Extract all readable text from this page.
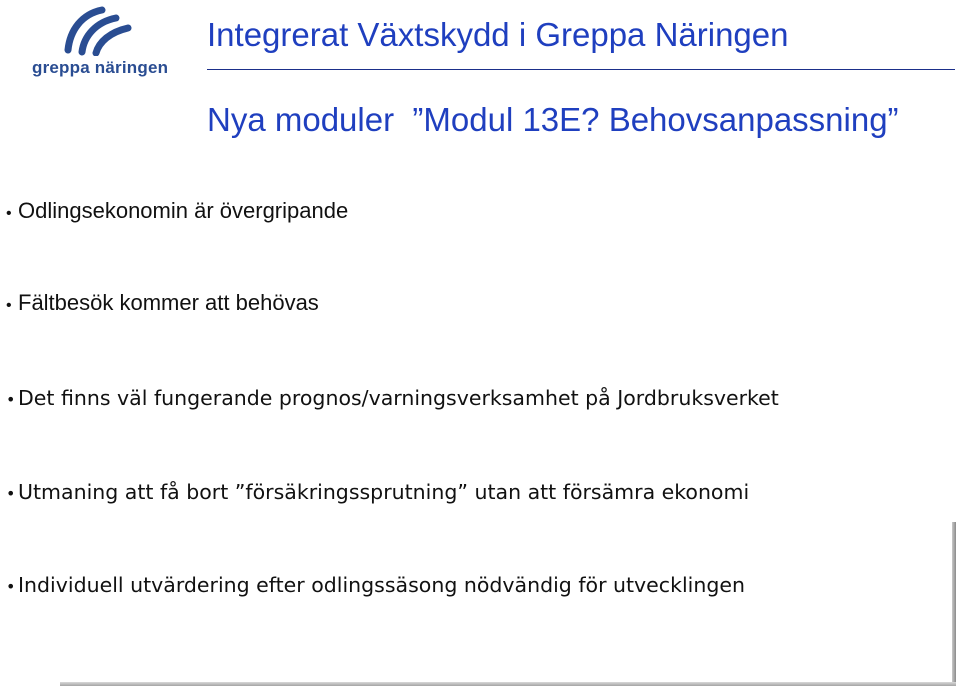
greppa näringen
Integrerat Växtskydd i Greppa Näringen
Nya moduler  ”Modul 13E? Behovsanpassning”
• Odlingsekonomin är övergripande
• Fältbesök kommer att behövas
• Det finns väl fungerande prognos/varningsverksamhet på Jordbruksverket
• Utmaning att få bort ”försäkringssprutning” utan att försämra ekonomi
• Individuell utvärdering efter odlingssäsong nödvändig för utvecklingen
